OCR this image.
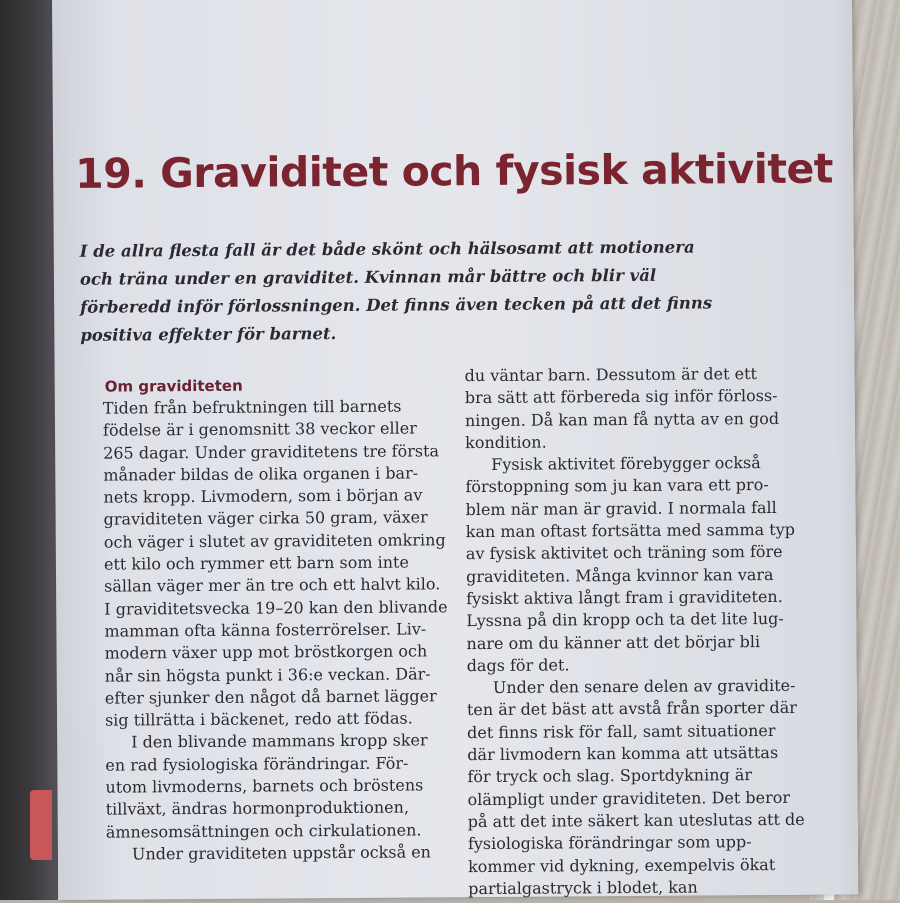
19. Graviditet och fysisk aktivitet
I de allra flesta fall är det både skönt och hälsosamt att motionera
och träna under en graviditet. Kvinnan mår bättre och blir väl
förberedd inför förlossningen. Det finns även tecken på att det finns
positiva effekter för barnet.
Om graviditeten
Tiden från befruktningen till barnets
födelse är i genomsnitt 38 veckor eller
265 dagar. Under graviditetens tre första
månader bildas de olika organen i bar-
nets kropp. Livmodern, som i början av
graviditeten väger cirka 50 gram, växer
och väger i slutet av graviditeten omkring
ett kilo och rymmer ett barn som inte
sällan väger mer än tre och ett halvt kilo.
I graviditetsvecka 19–20 kan den blivande
mamman ofta känna fosterrörelser. Liv-
modern växer upp mot bröstkorgen och
når sin högsta punkt i 36:e veckan. Där-
efter sjunker den något då barnet lägger
sig tillrätta i bäckenet, redo att födas.
I den blivande mammans kropp sker
en rad fysiologiska förändringar. För-
utom livmoderns, barnets och bröstens
tillväxt, ändras hormonproduktionen,
ämnesomsättningen och cirkulationen.
Under graviditeten uppstår också en
du väntar barn. Dessutom är det ett
bra sätt att förbereda sig inför förloss-
ningen. Då kan man få nytta av en god
kondition.
Fysisk aktivitet förebygger också
förstoppning som ju kan vara ett pro-
blem när man är gravid. I normala fall
kan man oftast fortsätta med samma typ
av fysisk aktivitet och träning som före
graviditeten. Många kvinnor kan vara
fysiskt aktiva långt fram i graviditeten.
Lyssna på din kropp och ta det lite lug-
nare om du känner att det börjar bli
dags för det.
Under den senare delen av graviditе-
ten är det bäst att avstå från sporter där
det finns risk för fall, samt situationer
där livmodern kan komma att utsättas
för tryck och slag. Sportdykning är
olämpligt under graviditeten. Det beror
på att det inte säkert kan uteslutas att de
fysiologiska förändringar som upp-
kommer vid dykning, exempelvis ökat
partialgastryck i blodet, kan
